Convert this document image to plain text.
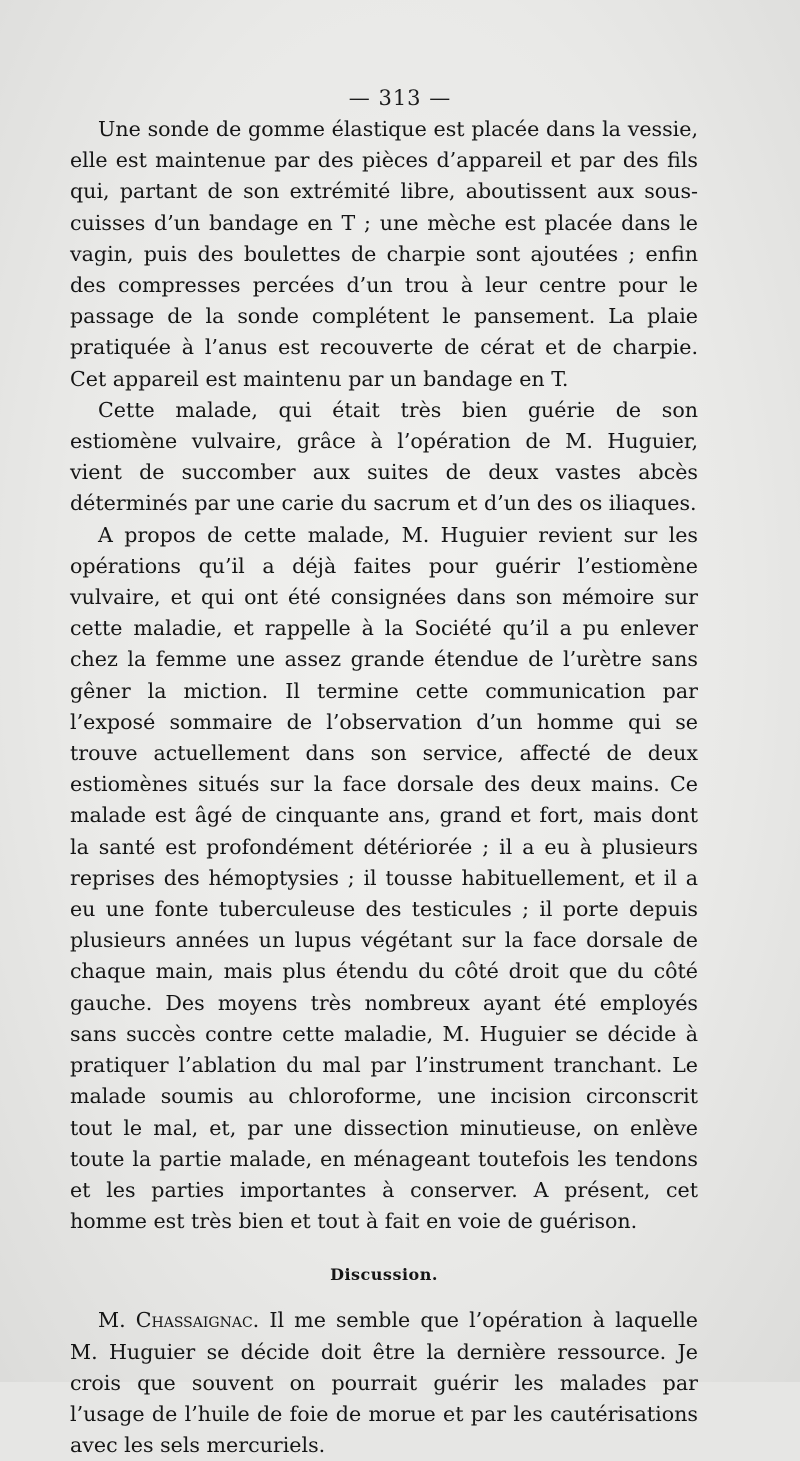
— 313 —

Une sonde de gomme élastique est placée dans la vessie, elle est maintenue par des pièces d’appareil et par des fils qui, partant de son extrémité libre, aboutissent aux sous-cuisses d’un bandage en T ; une mèche est placée dans le vagin, puis des boulettes de charpie sont ajoutées ; enfin des compresses percées d’un trou à leur centre pour le passage de la sonde complétent le pansement. La plaie pratiquée à l’anus est recouverte de cérat et de charpie. Cet appareil est maintenu par un bandage en T.

Cette malade, qui était très bien guérie de son estiomène vulvaire, grâce à l’opération de M. Huguier, vient de succomber aux suites de deux vastes abcès déterminés par une carie du sacrum et d’un des os iliaques.

A propos de cette malade, M. Huguier revient sur les opérations qu’il a déjà faites pour guérir l’estiomène vulvaire, et qui ont été consignées dans son mémoire sur cette maladie, et rappelle à la Société qu’il a pu enlever chez la femme une assez grande étendue de l’urètre sans gêner la miction. Il termine cette communication par l’exposé sommaire de l’observation d’un homme qui se trouve actuellement dans son service, affecté de deux estiomènes situés sur la face dorsale des deux mains. Ce malade est âgé de cinquante ans, grand et fort, mais dont la santé est profondément détériorée ; il a eu à plusieurs reprises des hémoptysies ; il tousse habituellement, et il a eu une fonte tuberculeuse des testicules ; il porte depuis plusieurs années un lupus végétant sur la face dorsale de chaque main, mais plus étendu du côté droit que du côté gauche. Des moyens très nombreux ayant été employés sans succès contre cette maladie, M. Huguier se décide à pratiquer l’ablation du mal par l’instrument tranchant. Le malade soumis au chloroforme, une incision circonscrit tout le mal, et, par une dissection minutieuse, on enlève toute la partie malade, en ménageant toutefois les tendons et les parties importantes à conserver. A présent, cet homme est très bien et tout à fait en voie de guérison.

Discussion.

M. Chassaignac. Il me semble que l’opération à laquelle M. Huguier se décide doit être la dernière ressource. Je crois que souvent on pourrait guérir les malades par l’usage de l’huile de foie de morue et par les cautérisations avec les sels mercuriels.
